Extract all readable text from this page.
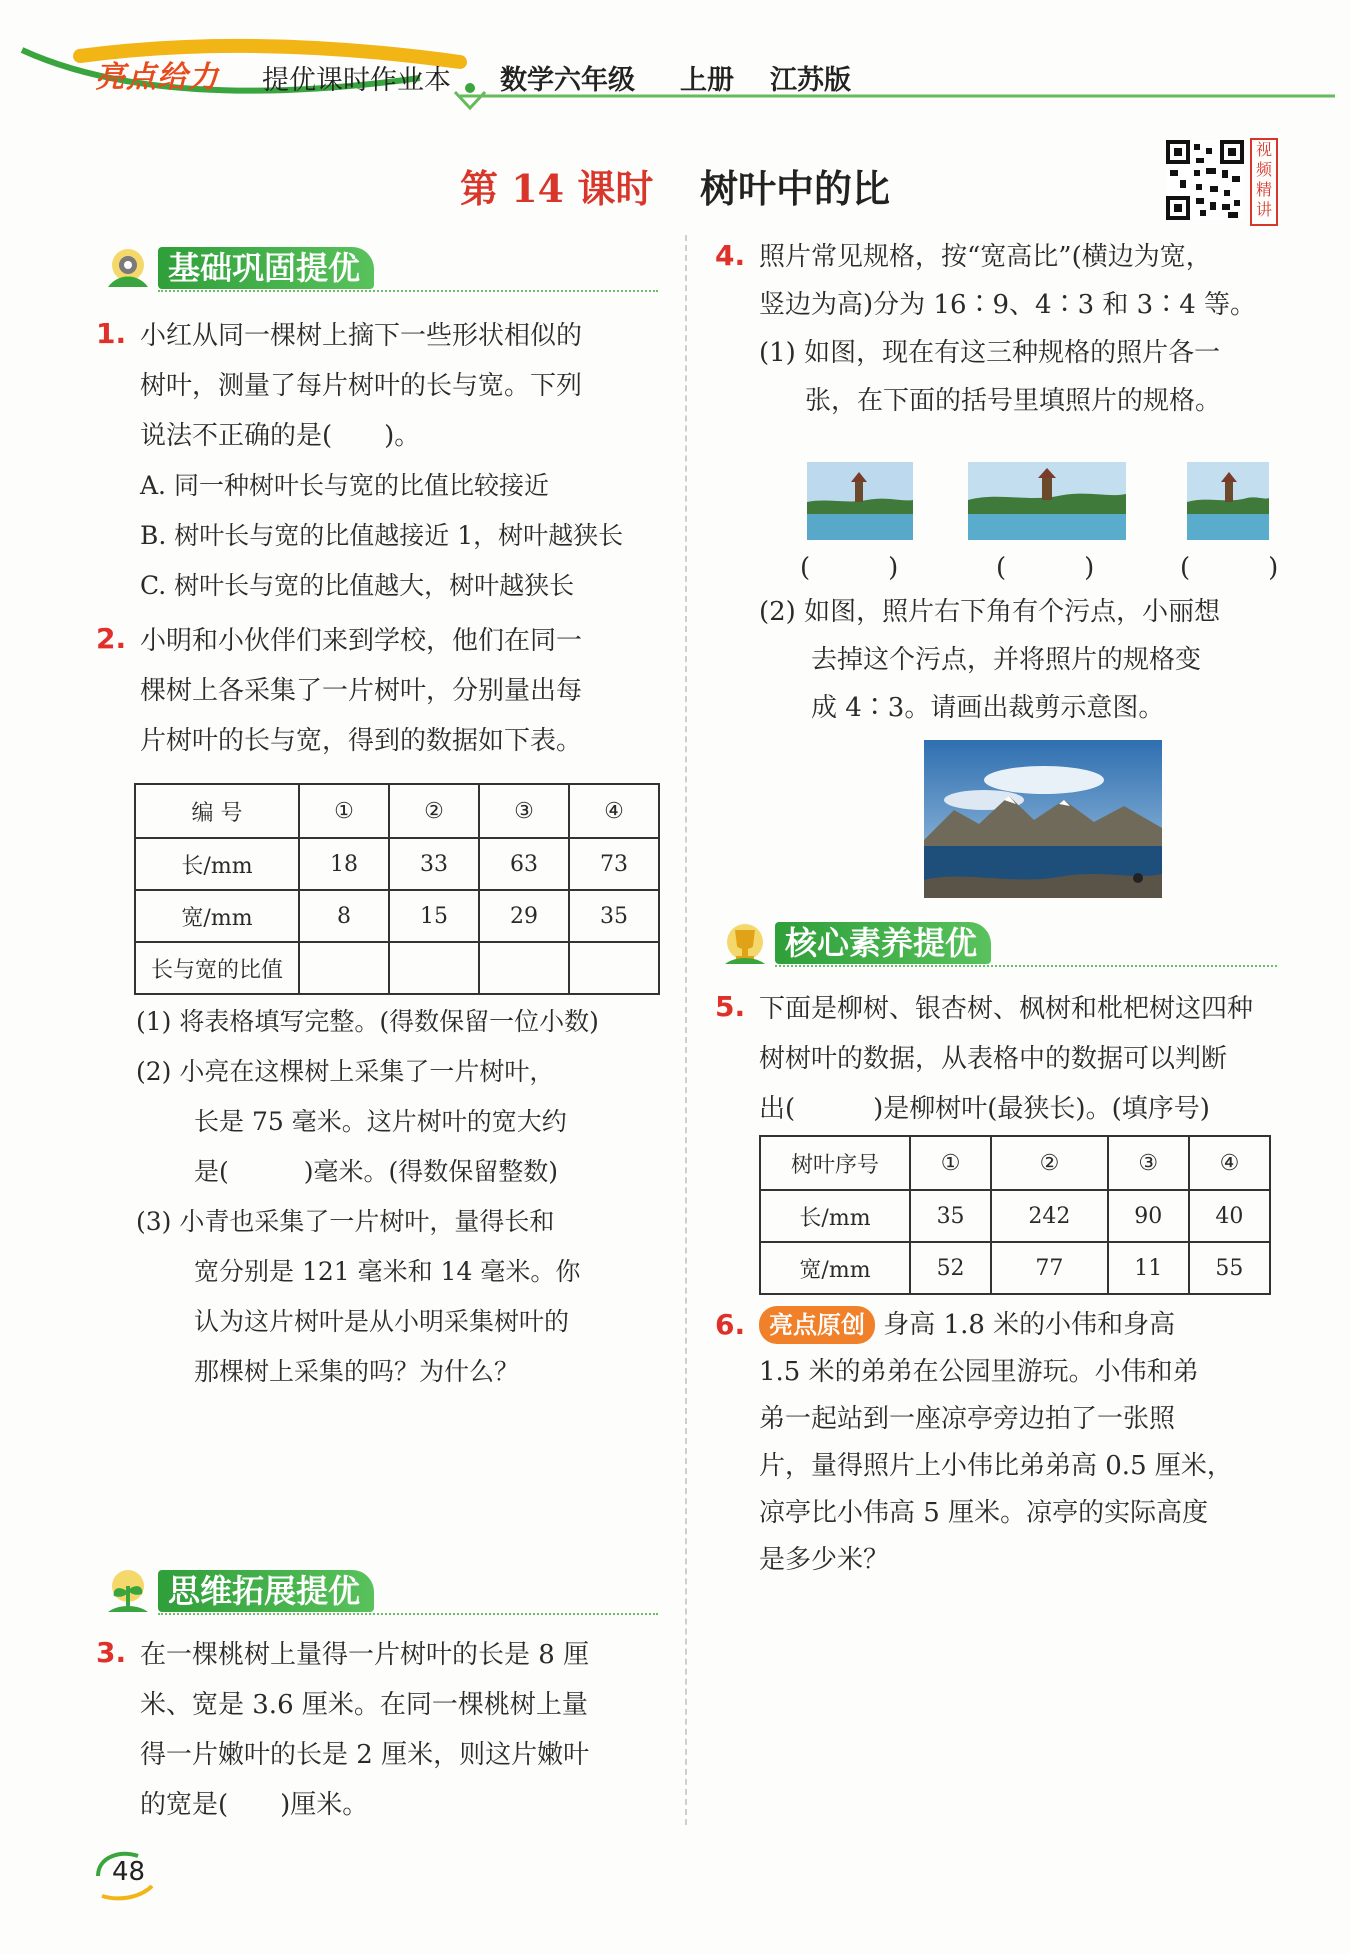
亮点给力 提优课时作业本 数学六年级 上册 江苏版
第 14 课时 树叶中的比
视频精讲
基础巩固提优
1. 小红从同一棵树上摘下一些形状相似的
树叶，测量了每片树叶的长与宽。下列
说法不正确的是(　　)。
A. 同一种树叶长与宽的比值比较接近
B. 树叶长与宽的比值越接近 1，树叶越狭长
C. 树叶长与宽的比值越大，树叶越狭长
2. 小明和小伙伴们来到学校，他们在同一
棵树上各采集了一片树叶，分别量出每
片树叶的长与宽，得到的数据如下表。
编 号	①	②	③	④
长/mm	18	33	63	73
宽/mm	8	15	29	35
长与宽的比值				
(1) 将表格填写完整。(得数保留一位小数)
(2) 小亮在这棵树上采集了一片树叶，
长是 75 毫米。这片树叶的宽大约
是(　　　)毫米。(得数保留整数)
(3) 小青也采集了一片树叶，量得长和
宽分别是 121 毫米和 14 毫米。你
认为这片树叶是从小明采集树叶的
那棵树上采集的吗？为什么？
思维拓展提优
3. 在一棵桃树上量得一片树叶的长是 8 厘
米、宽是 3.6 厘米。在同一棵桃树上量
得一片嫩叶的长是 2 厘米，则这片嫩叶
的宽是(　　)厘米。
4. 照片常见规格，按“宽高比”(横边为宽，
竖边为高)分为 16∶9、4∶3 和 3∶4 等。
(1) 如图，现在有这三种规格的照片各一
张，在下面的括号里填照片的规格。
(　　　)	(　　　)	(　　　)
(2) 如图，照片右下角有个污点，小丽想
去掉这个污点，并将照片的规格变
成 4∶3。请画出裁剪示意图。
核心素养提优
5. 下面是柳树、银杏树、枫树和枇杷树这四种
树树叶的数据，从表格中的数据可以判断
出(　　　)是柳树叶(最狭长)。(填序号)
树叶序号	①	②	③	④
长/mm	35	242	90	40
宽/mm	52	77	11	55
6. 亮点原创 身高 1.8 米的小伟和身高
1.5 米的弟弟在公园里游玩。小伟和弟
弟一起站到一座凉亭旁边拍了一张照
片，量得照片上小伟比弟弟高 0.5 厘米，
凉亭比小伟高 5 厘米。凉亭的实际高度
是多少米？
48
